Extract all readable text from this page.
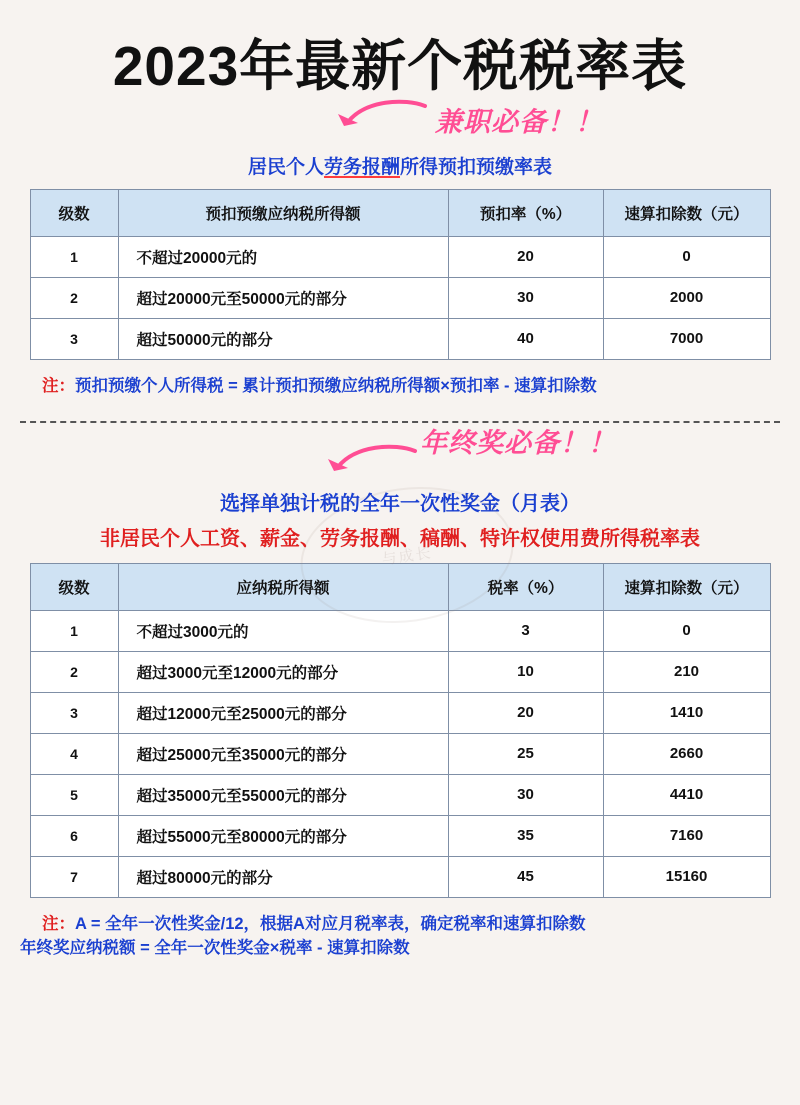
与成长
2023年最新个税税率表
兼职必备！！
居民个人劳务报酬所得预扣预缴率表
级数	预扣预缴应纳税所得额	预扣率（%）	速算扣除数（元）
1	不超过20000元的	20	0
2	超过20000元至50000元的部分	30	2000
3	超过50000元的部分	40	7000
注：预扣预缴个人所得税 = 累计预扣预缴应纳税所得额×预扣率 - 速算扣除数
年终奖必备！！
选择单独计税的全年一次性奖金（月表）
非居民个人工资、薪金、劳务报酬、稿酬、特许权使用费所得税率表
级数	应纳税所得额	税率（%）	速算扣除数（元）
1	不超过3000元的	3	0
2	超过3000元至12000元的部分	10	210
3	超过12000元至25000元的部分	20	1410
4	超过25000元至35000元的部分	25	2660
5	超过35000元至55000元的部分	30	4410
6	超过55000元至80000元的部分	35	7160
7	超过80000元的部分	45	15160
注：A = 全年一次性奖金/12，根据A对应月税率表，确定税率和速算扣除数
年终奖应纳税额 = 全年一次性奖金×税率 - 速算扣除数
